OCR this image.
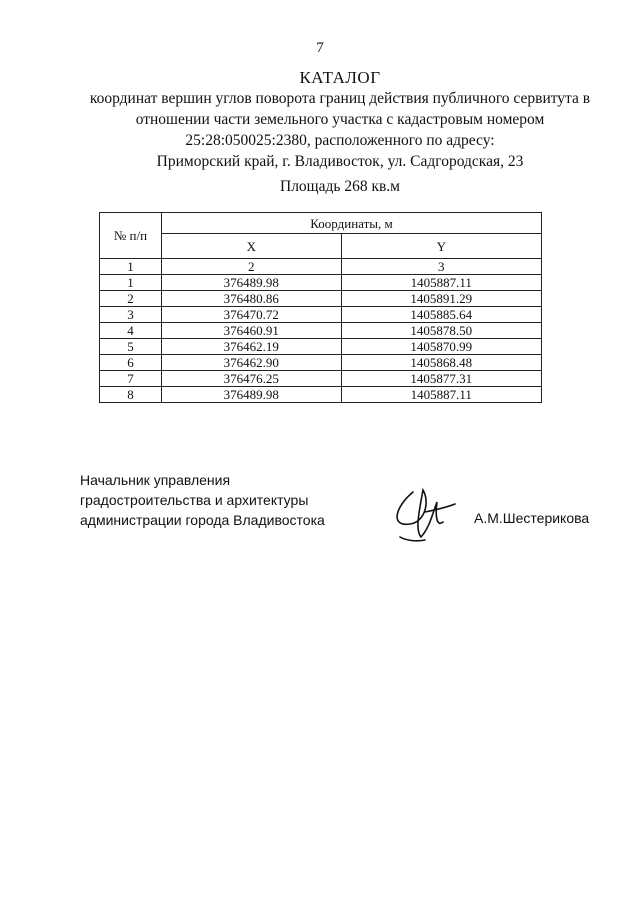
7
КАТАЛОГ
координат вершин углов поворота границ действия публичного сервитута в
отношении части земельного участка с кадастровым номером
25:28:050025:2380, расположенного по адресу:
Приморский край, г. Владивосток, ул. Садгородская, 23
Площадь 268 кв.м
№ п/п	Координаты, м	
	X	Y
1	2	3
1	376489.98	1405887.11
2	376480.86	1405891.29
3	376470.72	1405885.64
4	376460.91	1405878.50
5	376462.19	1405870.99
6	376462.90	1405868.48
7	376476.25	1405877.31
8	376489.98	1405887.11
Начальник управления
градостроительства и архитектуры
администрации города Владивостока	А.М.Шестерикова
